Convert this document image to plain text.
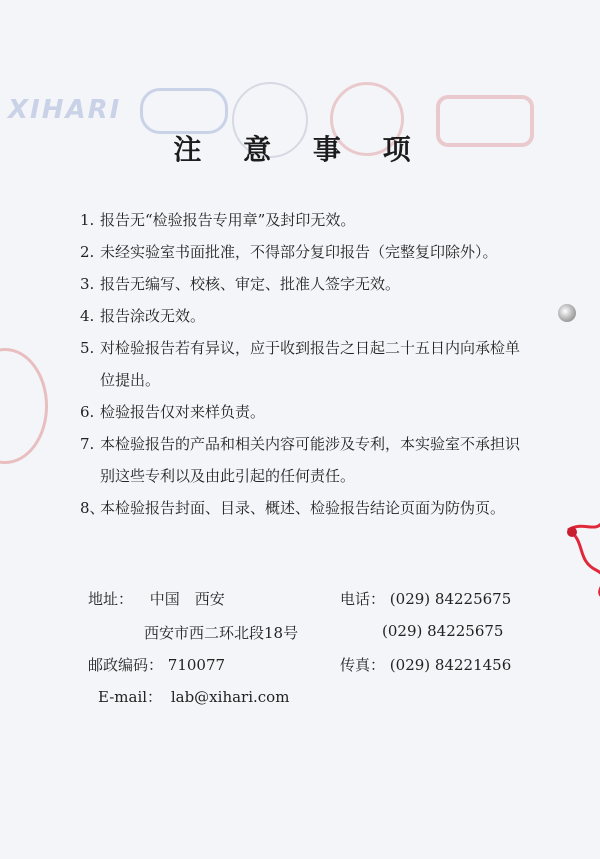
XIHARI
注 意 事 项
1. 报告无“检验报告专用章”及封印无效。
2. 未经实验室书面批准，不得部分复印报告（完整复印除外）。
3. 报告无编写、校核、审定、批准人签字无效。
4. 报告涂改无效。
5. 对检验报告若有异议，应于收到报告之日起二十五日内向承检单位提出。
6. 检验报告仅对来样负责。
7. 本检验报告的产品和相关内容可能涉及专利，本实验室不承担识别这些专利以及由此引起的任何责任。
8、
本检验报告封面、目录、概述、检验报告结论页面为防伪页。
地址： 中国　西安	电话： (029) 84225675
西安市西二环北段18号	(029) 84225675
邮政编码： 710077	传真： (029) 84221456
E-mail： lab@xihari.com
